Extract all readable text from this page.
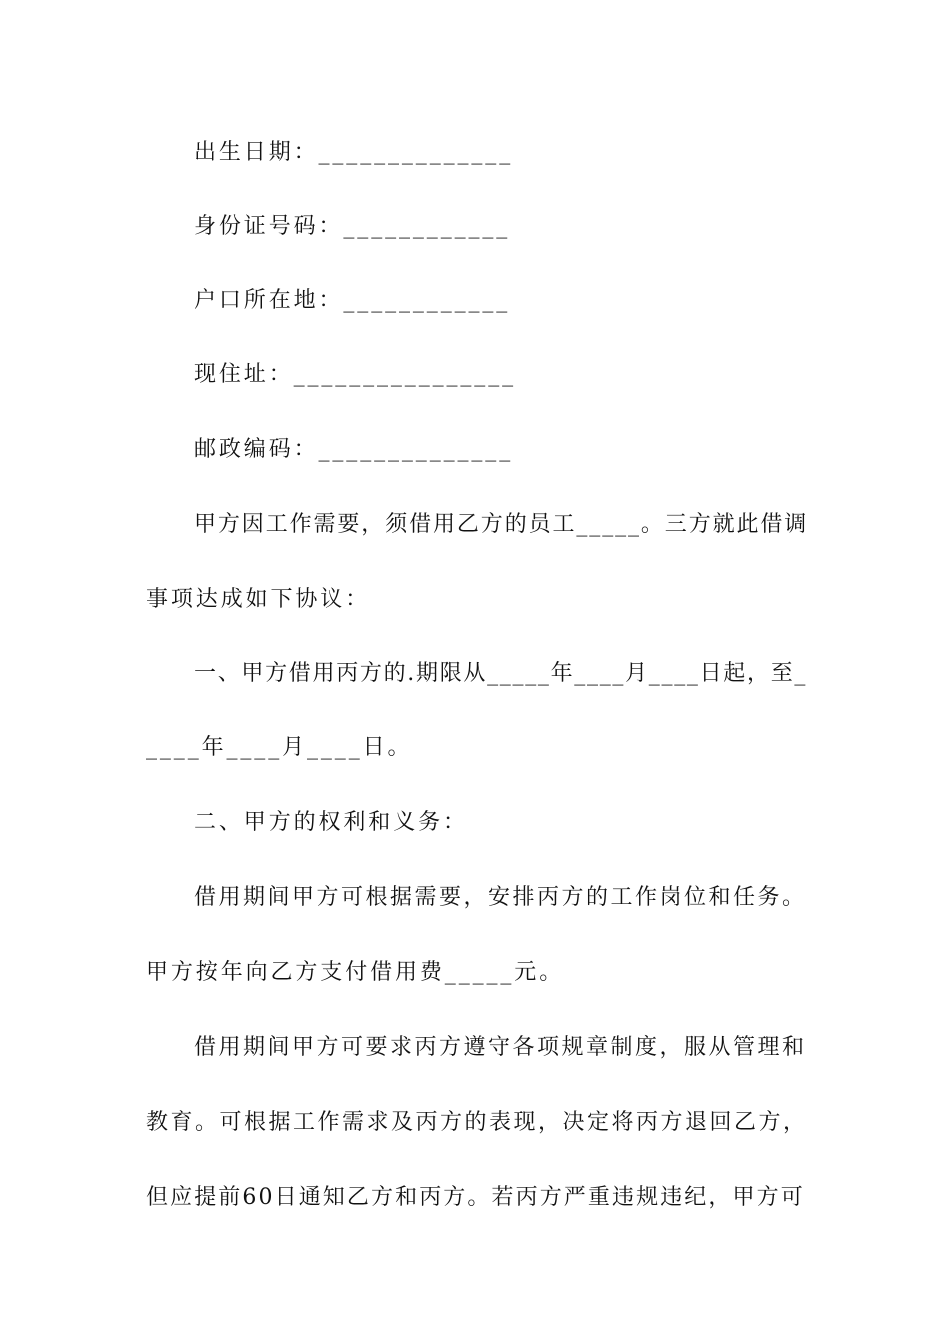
出生日期：______________
身份证号码：____________
户口所在地：____________
现住址：________________
邮政编码：______________
甲方因工作需要，须借用乙方的员工_____。三方就此借调
事项达成如下协议：
一、甲方借用丙方的.期限从_____年____月____日起，至_
____年____月____日。
二、甲方的权利和义务：
借用期间甲方可根据需要，安排丙方的工作岗位和任务。
甲方按年向乙方支付借用费_____元。
借用期间甲方可要求丙方遵守各项规章制度，服从管理和
教育。可根据工作需求及丙方的表现，决定将丙方退回乙方，
但应提前60日通知乙方和丙方。若丙方严重违规违纪，甲方可
